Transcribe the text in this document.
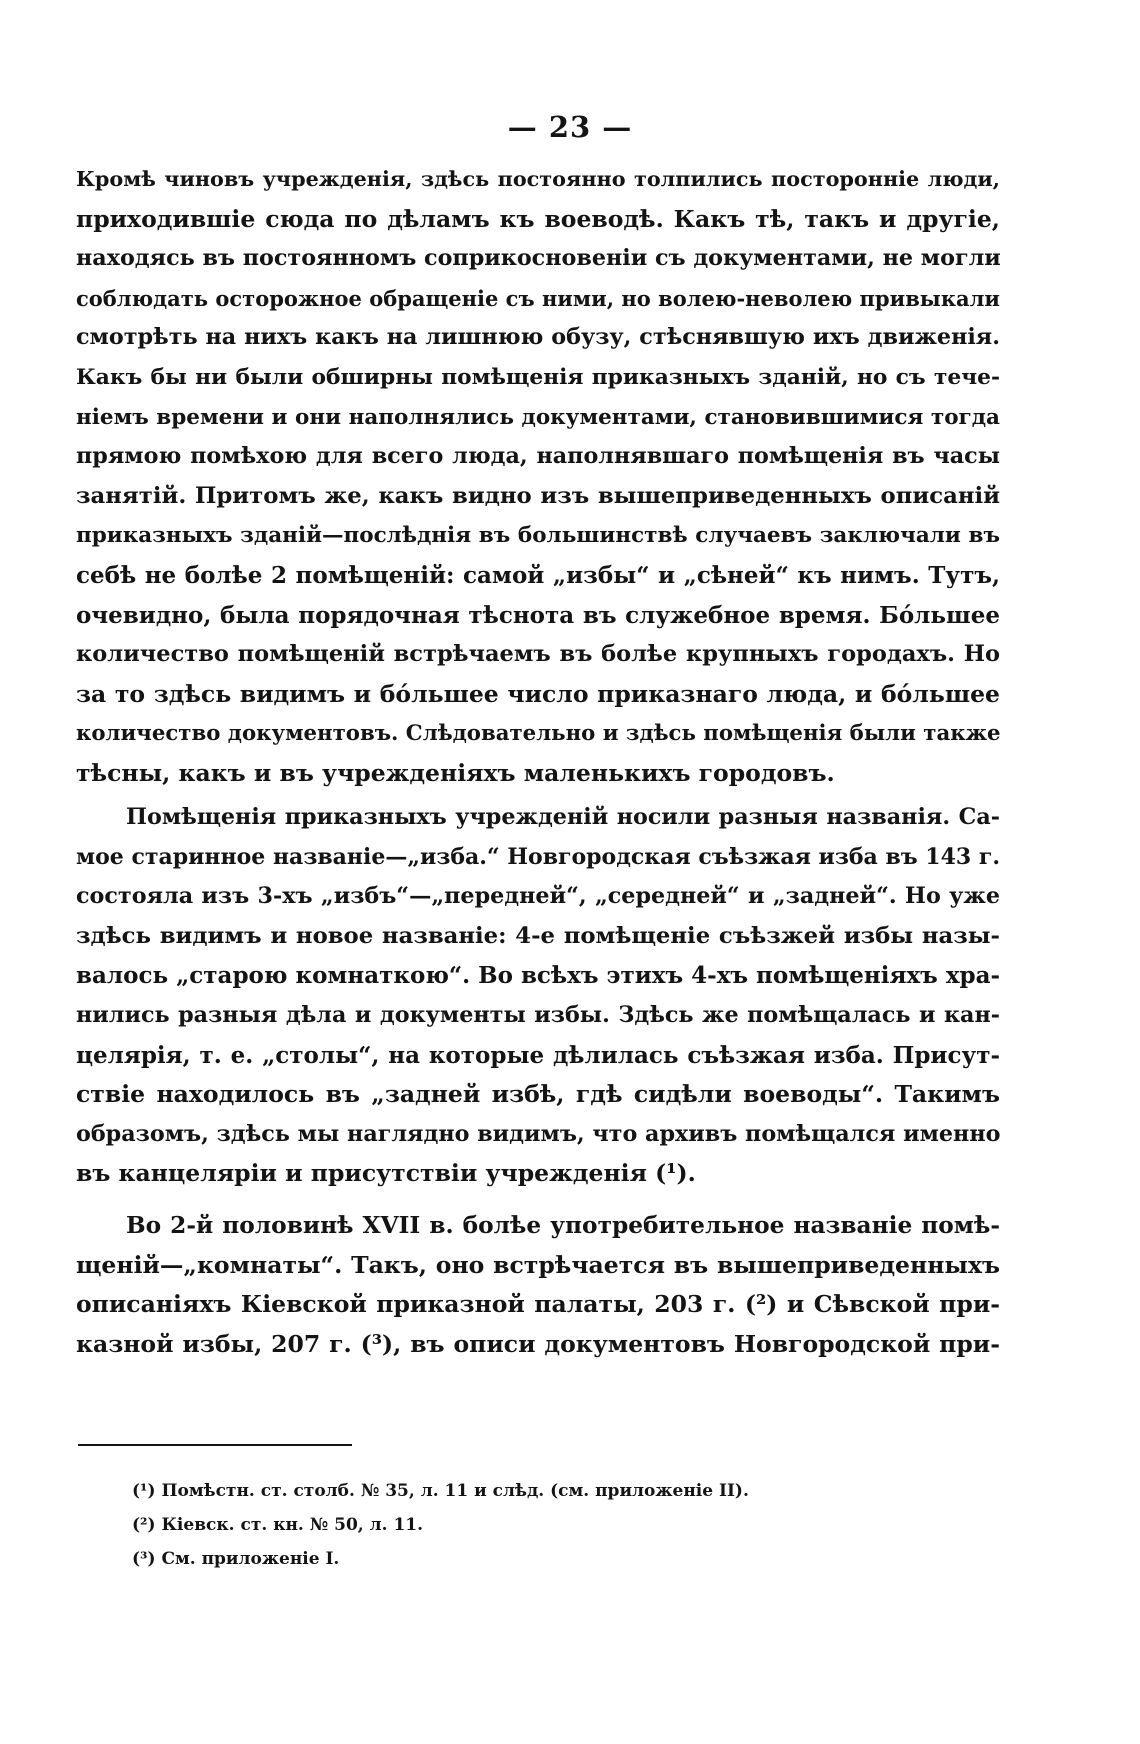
— 23 —
Кромѣ чиновъ учрежденія, здѣсь постоянно толпились посторонніе люди,
приходившіе сюда по дѣламъ къ воеводѣ. Какъ тѣ, такъ и другіе,
находясь въ постоянномъ соприкосновеніи съ документами, не могли
соблюдать осторожное обращеніе съ ними, но волею-неволею привыкали
смотрѣть на нихъ какъ на лишнюю обузу, стѣснявшую ихъ движенія.
Какъ бы ни были обширны помѣщенія приказныхъ зданій, но съ тече-
ніемъ времени и они наполнялись документами, становившимися тогда
прямою помѣхою для всего люда, наполнявшаго помѣщенія въ часы
занятій. Притомъ же, какъ видно изъ вышеприведенныхъ описаній
приказныхъ зданій—послѣднія въ большинствѣ случаевъ заключали въ
себѣ не болѣе 2 помѣщеній: самой „избы“ и „сѣней“ къ нимъ. Тутъ,
очевидно, была порядочная тѣснота въ служебное время. Бо́льшее
количество помѣщеній встрѣчаемъ въ болѣе крупныхъ городахъ. Но
за то здѣсь видимъ и бо́льшее число приказнаго люда, и бо́льшее
количество документовъ. Слѣдовательно и здѣсь помѣщенія были также
тѣсны, какъ и въ учрежденіяхъ маленькихъ городовъ.
Помѣщенія приказныхъ учрежденій носили разныя названія. Са-
мое старинное названіе—„изба.“ Новгородская съѣзжая изба въ 143 г.
состояла изъ 3-хъ „избъ“—„передней“, „середней“ и „задней“. Но уже
здѣсь видимъ и новое названіе: 4-е помѣщеніе съѣзжей избы назы-
валось „старою комнаткою“. Во всѣхъ этихъ 4-хъ помѣщеніяхъ хра-
нились разныя дѣла и документы избы. Здѣсь же помѣщалась и кан-
целярія, т. е. „столы“, на которые дѣлилась съѣзжая изба. Присут-
ствіе находилось въ „задней избѣ, гдѣ сидѣли воеводы“. Такимъ
образомъ, здѣсь мы наглядно видимъ, что архивъ помѣщался именно
въ канцеляріи и присутствіи учрежденія (¹).
Во 2-й половинѣ XVII в. болѣе употребительное названіе помѣ-
щеній—„комнаты“. Такъ, оно встрѣчается въ вышеприведенныхъ
описаніяхъ Кіевской приказной палаты, 203 г. (²) и Сѣвской при-
казной избы, 207 г. (³), въ описи документовъ Новгородской при-
(¹) Помѣстн. ст. столб. № 35, л. 11 и слѣд. (см. приложеніе II).
(²) Кіевск. ст. кн. № 50, л. 11.
(³) См. приложеніе I.
